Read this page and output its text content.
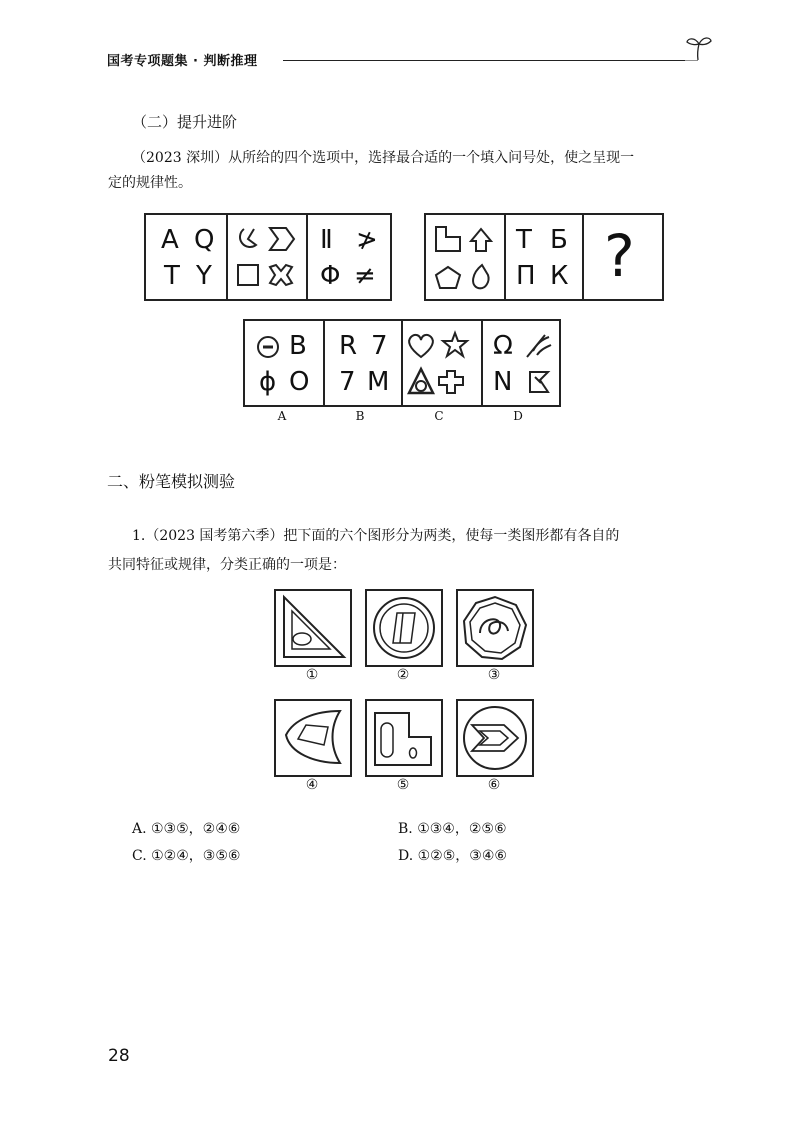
国考专项题集 · 判断推理
（二）提升进阶
（2023 深圳）从所给的四个选项中，选择最合适的一个填入问号处，使之呈现一
定的规律性。
A Q
T Y
Ⅱ ≯
Φ ≠
Т Б
П К ?
B
ϕ O
R 7
7 M
Ω
N
A	B	C	D
二、粉笔模拟测验
1.（2023 国考第六季）把下面的六个图形分为两类，使每一类图形都有各自的
共同特征或规律，分类正确的一项是：
①	②	③
④	⑤	⑥
A. ①③⑤，②④⑥	B. ①③④，②⑤⑥
C. ①②④，③⑤⑥	D. ①②⑤，③④⑥
28
